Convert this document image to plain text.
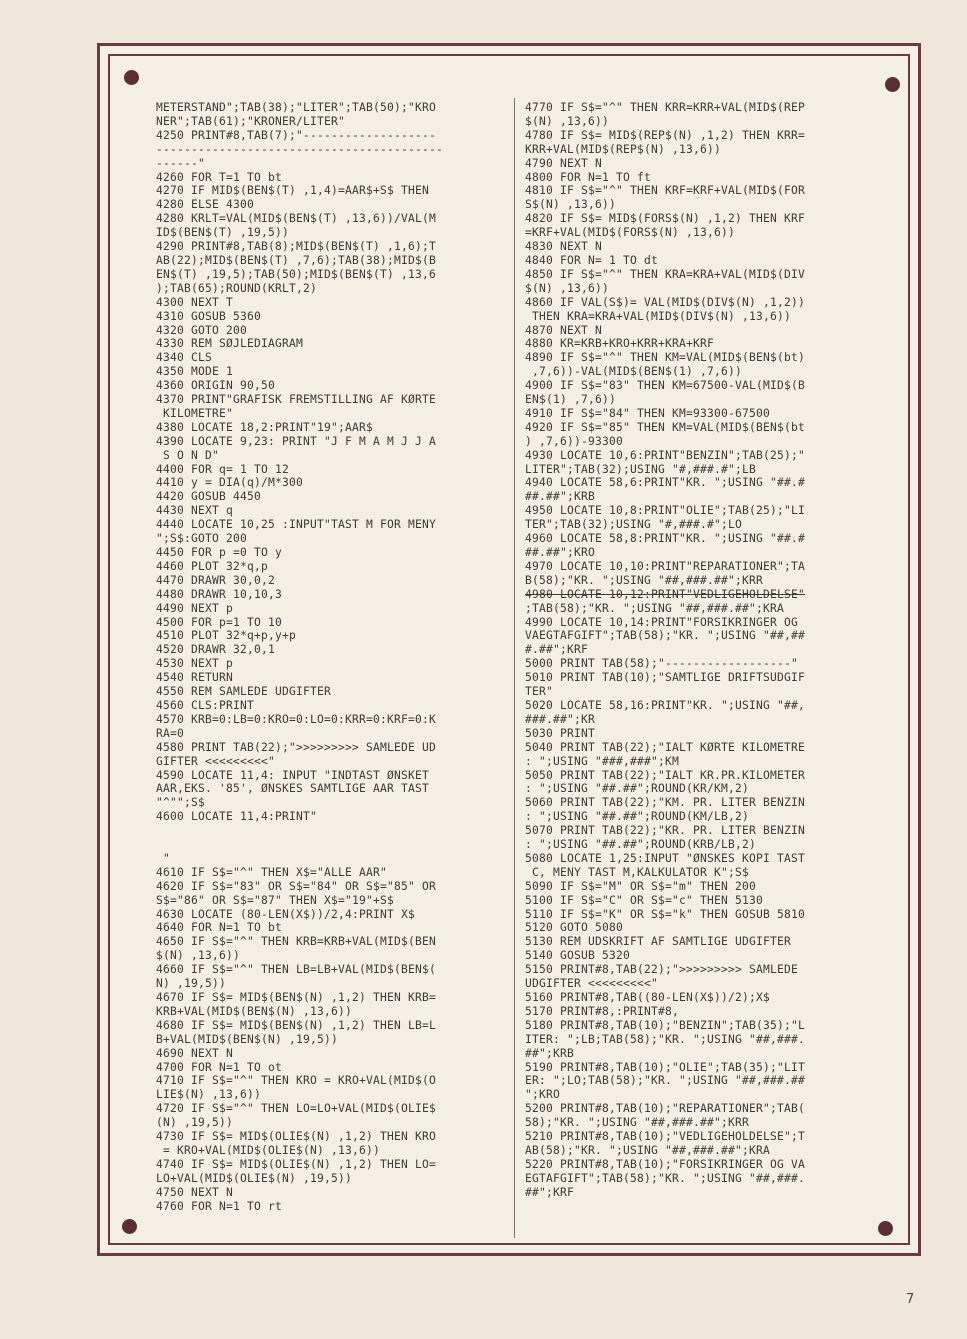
METERSTAND";TAB(38);"LITER";TAB(50);"KRO
NER";TAB(61);"KRONER/LITER"
4250 PRINT#8,TAB(7);"-------------------
-----------------------------------------
------"
4260 FOR T=1 TO bt
4270 IF MID$(BEN$(T) ,1,4)=AAR$+S$ THEN
4280 ELSE 4300
4280 KRLT=VAL(MID$(BEN$(T) ,13,6))/VAL(M
ID$(BEN$(T) ,19,5))
4290 PRINT#8,TAB(8);MID$(BEN$(T) ,1,6);T
AB(22);MID$(BEN$(T) ,7,6);TAB(38);MID$(B
EN$(T) ,19,5);TAB(50);MID$(BEN$(T) ,13,6
);TAB(65);ROUND(KRLT,2)
4300 NEXT T
4310 GOSUB 5360
4320 GOTO 200
4330 REM SØJLEDIAGRAM
4340 CLS
4350 MODE 1
4360 ORIGIN 90,50
4370 PRINT"GRAFISK FREMSTILLING AF KØRTE
KILOMETRE"
4380 LOCATE 18,2:PRINT"19";AAR$
4390 LOCATE 9,23: PRINT "J F M A M J J A
S O N D"
4400 FOR q= 1 TO 12
4410 y = DIA(q)/M*300
4420 GOSUB 4450
4430 NEXT q
4440 LOCATE 10,25 :INPUT"TAST M FOR MENY
";S$:GOTO 200
4450 FOR p =0 TO y
4460 PLOT 32*q,p
4470 DRAWR 30,0,2
4480 DRAWR 10,10,3
4490 NEXT p
4500 FOR p=1 TO 10
4510 PLOT 32*q+p,y+p
4520 DRAWR 32,0,1
4530 NEXT p
4540 RETURN
4550 REM SAMLEDE UDGIFTER
4560 CLS:PRINT
4570 KRB=0:LB=0:KRO=0:LO=0:KRR=0:KRF=0:K
RA=0
4580 PRINT TAB(22);">>>>>>>>> SAMLEDE UD
GIFTER <<<<<<<<<"
4590 LOCATE 11,4: INPUT "INDTAST ØNSKET
AAR,EKS. '85', ØNSKES SAMTLIGE AAR TAST
"^"";S$
4600 LOCATE 11,4:PRINT"
"
4610 IF S$="^" THEN X$="ALLE AAR"
4620 IF S$="83" OR S$="84" OR S$="85" OR
S$="86" OR S$="87" THEN X$="19"+S$
4630 LOCATE (80-LEN(X$))/2,4:PRINT X$
4640 FOR N=1 TO bt
4650 IF S$="^" THEN KRB=KRB+VAL(MID$(BEN
$(N) ,13,6))
4660 IF S$="^" THEN LB=LB+VAL(MID$(BEN$(
N) ,19,5))
4670 IF S$= MID$(BEN$(N) ,1,2) THEN KRB=
KRB+VAL(MID$(BEN$(N) ,13,6))
4680 IF S$= MID$(BEN$(N) ,1,2) THEN LB=L
B+VAL(MID$(BEN$(N) ,19,5))
4690 NEXT N
4700 FOR N=1 TO ot
4710 IF S$="^" THEN KRO = KRO+VAL(MID$(O
LIE$(N) ,13,6))
4720 IF S$="^" THEN LO=LO+VAL(MID$(OLIE$
(N) ,19,5))
4730 IF S$= MID$(OLIE$(N) ,1,2) THEN KRO
= KRO+VAL(MID$(OLIE$(N) ,13,6))
4740 IF S$= MID$(OLIE$(N) ,1,2) THEN LO=
LO+VAL(MID$(OLIE$(N) ,19,5))
4750 NEXT N
4760 FOR N=1 TO rt
4770 IF S$="^" THEN KRR=KRR+VAL(MID$(REP
$(N) ,13,6))
4780 IF S$= MID$(REP$(N) ,1,2) THEN KRR=
KRR+VAL(MID$(REP$(N) ,13,6))
4790 NEXT N
4800 FOR N=1 TO ft
4810 IF S$="^" THEN KRF=KRF+VAL(MID$(FOR
S$(N) ,13,6))
4820 IF S$= MID$(FORS$(N) ,1,2) THEN KRF
=KRF+VAL(MID$(FORS$(N) ,13,6))
4830 NEXT N
4840 FOR N= 1 TO dt
4850 IF S$="^" THEN KRA=KRA+VAL(MID$(DIV
$(N) ,13,6))
4860 IF VAL(S$)= VAL(MID$(DIV$(N) ,1,2))
THEN KRA=KRA+VAL(MID$(DIV$(N) ,13,6))
4870 NEXT N
4880 KR=KRB+KRO+KRR+KRA+KRF
4890 IF S$="^" THEN KM=VAL(MID$(BEN$(bt)
,7,6))-VAL(MID$(BEN$(1) ,7,6))
4900 IF S$="83" THEN KM=67500-VAL(MID$(B
EN$(1) ,7,6))
4910 IF S$="84" THEN KM=93300-67500
4920 IF S$="85" THEN KM=VAL(MID$(BEN$(bt
) ,7,6))-93300
4930 LOCATE 10,6:PRINT"BENZIN";TAB(25);"
LITER";TAB(32);USING "#,###.#";LB
4940 LOCATE 58,6:PRINT"KR. ";USING "##.#
##.##";KRB
4950 LOCATE 10,8:PRINT"OLIE";TAB(25);"LI
TER";TAB(32);USING "#,###.#";LO
4960 LOCATE 58,8:PRINT"KR. ";USING "##.#
##.##";KRO
4970 LOCATE 10,10:PRINT"REPARATIONER";TA
B(58);"KR. ";USING "##,###.##";KRR
4980 LOCATE 10,12:PRINT"VEDLIGEHOLDELSE"
;TAB(58);"KR. ";USING "##,###.##";KRA
4990 LOCATE 10,14:PRINT"FORSIKRINGER OG
VAEGTAFGIFT";TAB(58);"KR. ";USING "##,##
#.##";KRF
5000 PRINT TAB(58);"------------------"
5010 PRINT TAB(10);"SAMTLIGE DRIFTSUDGIF
TER"
5020 LOCATE 58,16:PRINT"KR. ";USING "##,
###.##";KR
5030 PRINT
5040 PRINT TAB(22);"IALT KØRTE KILOMETRE
: ";USING "###,###";KM
5050 PRINT TAB(22);"IALT KR.PR.KILOMETER
: ";USING "##.##";ROUND(KR/KM,2)
5060 PRINT TAB(22);"KM. PR. LITER BENZIN
: ";USING "##.##";ROUND(KM/LB,2)
5070 PRINT TAB(22);"KR. PR. LITER BENZIN
: ";USING "##.##";ROUND(KRB/LB,2)
5080 LOCATE 1,25:INPUT "ØNSKES KOPI TAST
C, MENY TAST M,KALKULATOR K";S$
5090 IF S$="M" OR S$="m" THEN 200
5100 IF S$="C" OR S$="c" THEN 5130
5110 IF S$="K" OR S$="k" THEN GOSUB 5810
5120 GOTO 5080
5130 REM UDSKRIFT AF SAMTLIGE UDGIFTER
5140 GOSUB 5320
5150 PRINT#8,TAB(22);">>>>>>>>> SAMLEDE
UDGIFTER <<<<<<<<<"
5160 PRINT#8,TAB((80-LEN(X$))/2);X$
5170 PRINT#8,:PRINT#8,
5180 PRINT#8,TAB(10);"BENZIN";TAB(35);"L
ITER: ";LB;TAB(58);"KR. ";USING "##,###.
##";KRB
5190 PRINT#8,TAB(10);"OLIE";TAB(35);"LIT
ER: ";LO;TAB(58);"KR. ";USING "##,###.##
";KRO
5200 PRINT#8,TAB(10);"REPARATIONER";TAB(
58);"KR. ";USING "##,###.##";KRR
5210 PRINT#8,TAB(10);"VEDLIGEHOLDELSE";T
AB(58);"KR. ";USING "##,###.##";KRA
5220 PRINT#8,TAB(10);"FORSIKRINGER OG VA
EGTAFGIFT";TAB(58);"KR. ";USING "##,###.
##";KRF
7
